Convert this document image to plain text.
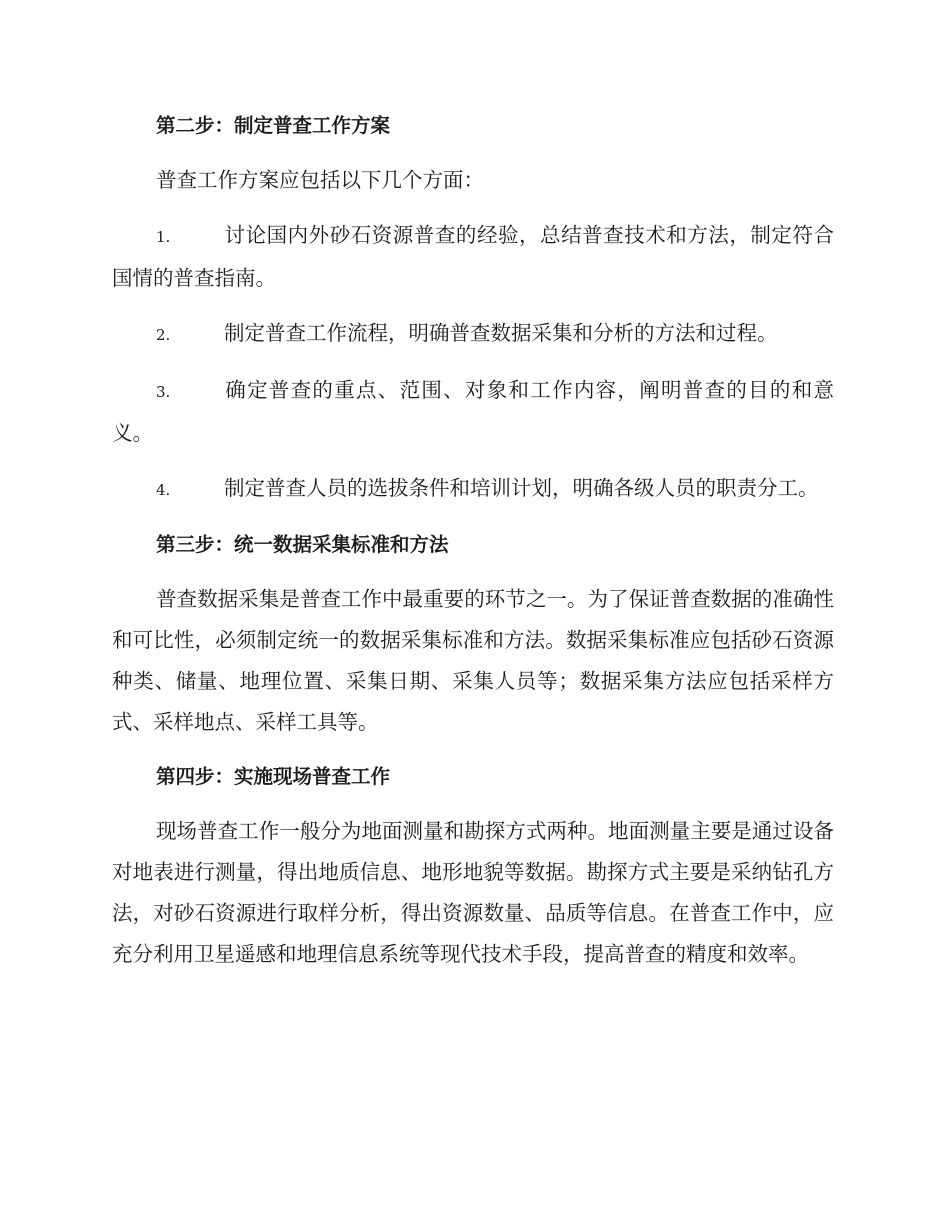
第二步：制定普查工作方案
普查工作方案应包括以下几个方面：
1.	讨论国内外砂石资源普查的经验，总结普查技术和方法，制定符合国情的普查指南。
2.	制定普查工作流程，明确普查数据采集和分析的方法和过程。
3.	确定普查的重点、范围、对象和工作内容，阐明普查的目的和意义。
4.	制定普查人员的选拔条件和培训计划，明确各级人员的职责分工。
第三步：统一数据采集标准和方法
普查数据采集是普查工作中最重要的环节之一。为了保证普查数据的准确性和可比性，必须制定统一的数据采集标准和方法。数据采集标准应包括砂石资源种类、储量、地理位置、采集日期、采集人员等；数据采集方法应包括采样方式、采样地点、采样工具等。
第四步：实施现场普查工作
现场普查工作一般分为地面测量和勘探方式两种。地面测量主要是通过设备对地表进行测量，得出地质信息、地形地貌等数据。勘探方式主要是采纳钻孔方法，对砂石资源进行取样分析，得出资源数量、品质等信息。在普查工作中，应充分利用卫星遥感和地理信息系统等现代技术手段，提高普查的精度和效率。
